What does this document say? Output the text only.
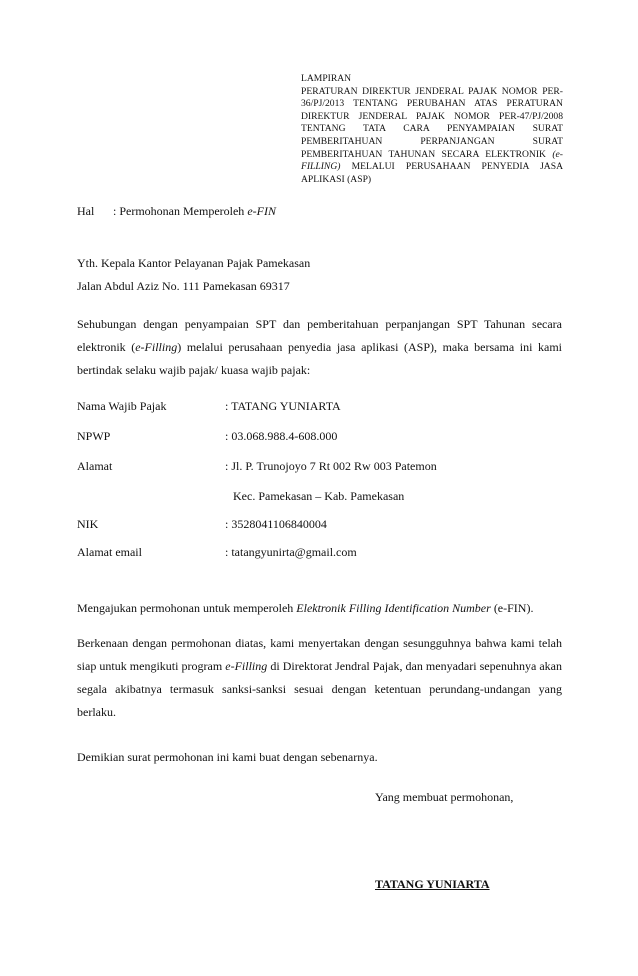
LAMPIRAN
PERATURAN DIREKTUR JENDERAL PAJAK NOMOR PER-36/PJ/2013 TENTANG PERUBAHAN ATAS PERATURAN DIREKTUR JENDERAL PAJAK NOMOR PER-47/PJ/2008 TENTANG TATA CARA PENYAMPAIAN SURAT PEMBERITAHUAN PERPANJANGAN SURAT PEMBERITAHUAN TAHUNAN SECARA ELEKTRONIK (e-FILLING) MELALUI PERUSAHAAN PENYEDIA JASA APLIKASI (ASP)
Hal : Permohonan Memperoleh e-FIN
Yth. Kepala Kantor Pelayanan Pajak Pamekasan
Jalan Abdul Aziz No. 111 Pamekasan 69317
Sehubungan dengan penyampaian SPT dan pemberitahuan perpanjangan SPT Tahunan secara elektronik (e-Filling) melalui perusahaan penyedia jasa aplikasi (ASP), maka bersama ini kami bertindak selaku wajib pajak/ kuasa wajib pajak:
Nama Wajib Pajak	: TATANG YUNIARTA
NPWP	: 03.068.988.4-608.000
Alamat	: Jl. P. Trunojoyo 7 Rt 002 Rw 003 Patemon
Kec. Pamekasan – Kab. Pamekasan
NIK	: 3528041106840004
Alamat email	: tatangyunirta@gmail.com
Mengajukan permohonan untuk memperoleh Elektronik Filling Identification Number (e-FIN).
Berkenaan dengan permohonan diatas, kami menyertakan dengan sesungguhnya bahwa kami telah siap untuk mengikuti program e-Filling di Direktorat Jendral Pajak, dan menyadari sepenuhnya akan segala akibatnya termasuk sanksi-sanksi sesuai dengan ketentuan perundang-undangan yang berlaku.
Demikian surat permohonan ini kami buat dengan sebenarnya.
Yang membuat permohonan,
TATANG YUNIARTA
